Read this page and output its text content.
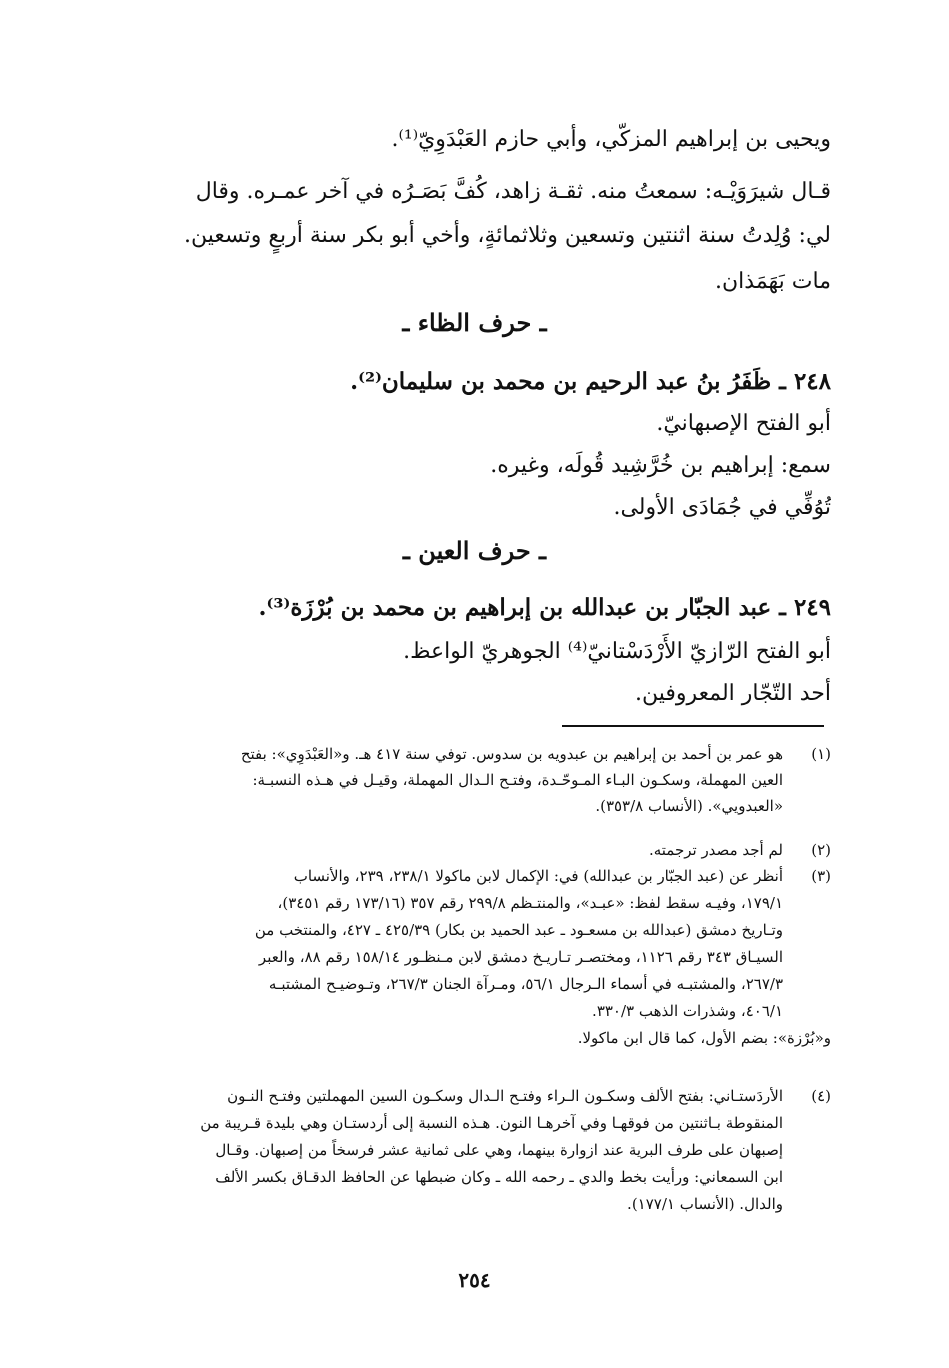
ويحيى بن إبراهيم المزكّي، وأبي حازم العَبْدَوِيّ⁽¹⁾.
قـال شيرَوَيْـه: سمعتُ منه. ثقـة زاهد، كُفَّ بَصَـرُه في آخر عمـره. وقال
لي: وُلِدتُ سنة اثنتين وتسعين وثلاثمائةٍ، وأخي أبو بكر سنة أربعٍ وتسعين.
مات بَهَمَذان.
ـ حرف الظاء ـ
٢٤٨ ـ ظَفَرُ بنُ عبد الرحيم بن محمد بن سليمان⁽²⁾.
أبو الفتح الإصبهانيّ.
سمع: إبراهيم بن خُرَّشِيد قُولَه، وغيره.
تُوُفِّي في جُمَادَى الأولى.
ـ حرف العين ـ
٢٤٩ ـ عبد الجبّار بن عبدالله بن إبراهيم بن محمد بن بُرْزَة⁽³⁾.
أبو الفتح الرّازيّ الأَرْدَسْتانيّ⁽⁴⁾ الجوهريّ الواعظ.
أحد التّجّار المعروفين.
(١)
هو عمر بن أحمد بن إبراهيم بن عبدويه بن سدوس. توفي سنة ٤١٧ هـ. و«العَبْدَوِي»: بفتح
العين المهملة، وسكـون البـاء المـوحّـدة، وفتـح الـدال المهملة، وقيـل في هـذه النسبـة:
«العبدويي». (الأنساب ٣٥٣/٨).
(٢)
لم أجد مصدر ترجمته.
(٣)
أنظر عن (عبد الجبّار بن عبدالله) في: الإكمال لابن ماكولا ٢٣٨/١، ٢٣٩، والأنساب
١٧٩/١، وفيـه سقط لفظ: «عبـد»، والمنتـظم ٢٩٩/٨ رقم ٣٥٧ (١٧٣/١٦ رقم ٣٤٥١)،
وتـاريخ دمشق (عبدالله بن مسعـود ـ عبد الحميد بن بكار) ٤٢٥/٣٩ ـ ٤٢٧، والمنتخب من
السيـاق ٣٤٣ رقم ١١٢٦، ومختصـر تـاريـخ دمشق لابن مـنظـور ١٥٨/١٤ رقم ٨٨، والعبر
٢٦٧/٣، والمشتبـه في أسماء الـرجال ٥٦/١، ومـرآة الجنان ٢٦٧/٣، وتـوضيـح المشتبـه
٤٠٦/١، وشذرات الذهب ٣٣٠/٣.
و«بُرْزة»: بضم الأول، كما قال ابن ماكولا.
(٤)
الأردَستـاني: بفتح الألف وسكـون الـراء وفتـح الـدال وسكـون السين المهملتين وفتـح النـون
المنقوطة بـاثنتين من فوقهـا وفي آخرهـا النون. هـذه النسبة إلى أردستـان وهي بليدة قـريبة من
إصبهان على طرف البرية عند ازوارة بينهما، وهي على ثمانية عشر فرسخاً من إصبهان. وقـال
ابن السمعاني: ورأيت بخط والدي ـ رحمه الله ـ وكان ضبطها عن الحافظ الدقـاق بكسر الألف
والدال. (الأنساب ١٧٧/١).
٢٥٤
